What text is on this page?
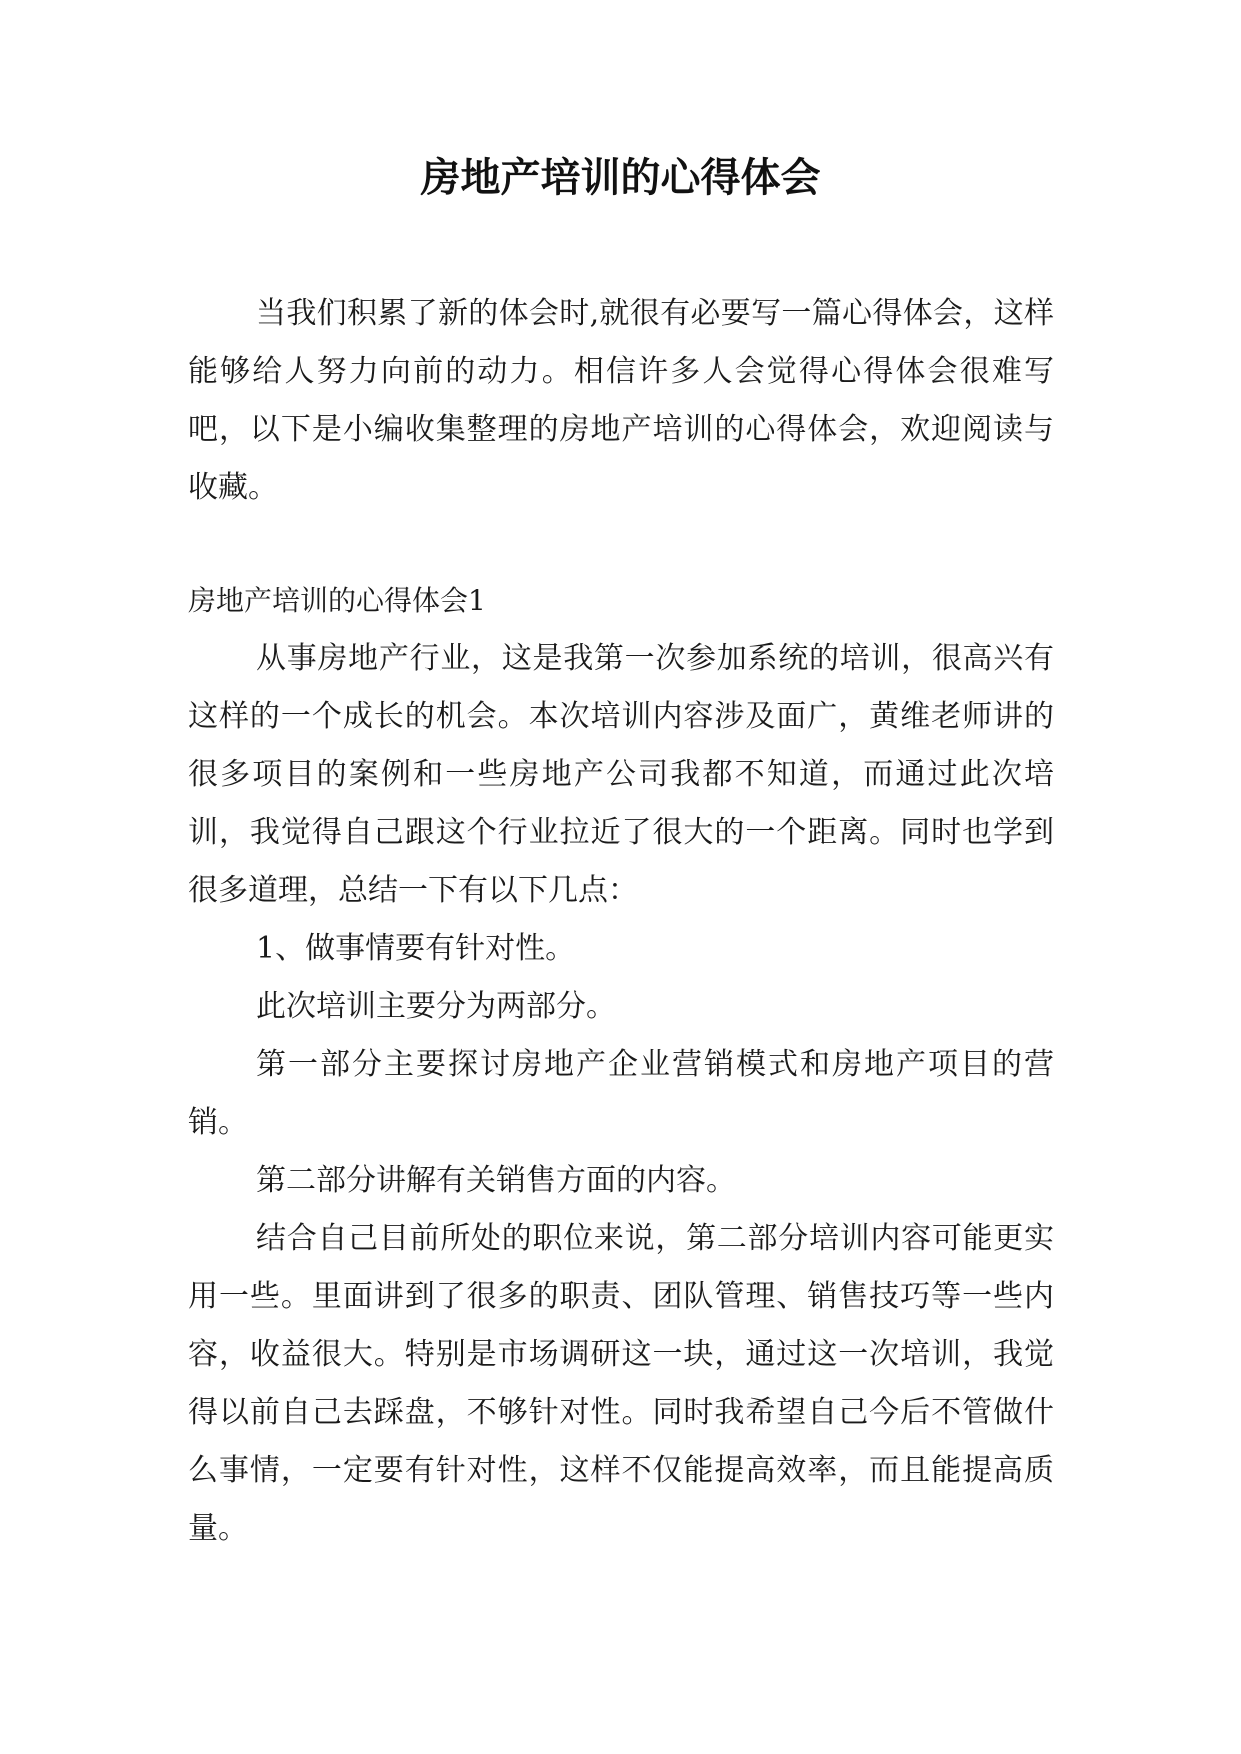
房地产培训的心得体会

当我们积累了新的体会时,就很有必要写一篇心得体会，这样能够给人努力向前的动力。相信许多人会觉得心得体会很难写吧，以下是小编收集整理的房地产培训的心得体会，欢迎阅读与收藏。

房地产培训的心得体会1

从事房地产行业，这是我第一次参加系统的培训，很高兴有这样的一个成长的机会。本次培训内容涉及面广，黄维老师讲的很多项目的案例和一些房地产公司我都不知道，而通过此次培训，我觉得自己跟这个行业拉近了很大的一个距离。同时也学到很多道理，总结一下有以下几点：

1、做事情要有针对性。

此次培训主要分为两部分。

第一部分主要探讨房地产企业营销模式和房地产项目的营销。

第二部分讲解有关销售方面的内容。

结合自己目前所处的职位来说，第二部分培训内容可能更实用一些。里面讲到了很多的职责、团队管理、销售技巧等一些内容，收益很大。特别是市场调研这一块，通过这一次培训，我觉得以前自己去踩盘，不够针对性。同时我希望自己今后不管做什么事情，一定要有针对性，这样不仅能提高效率，而且能提高质量。
